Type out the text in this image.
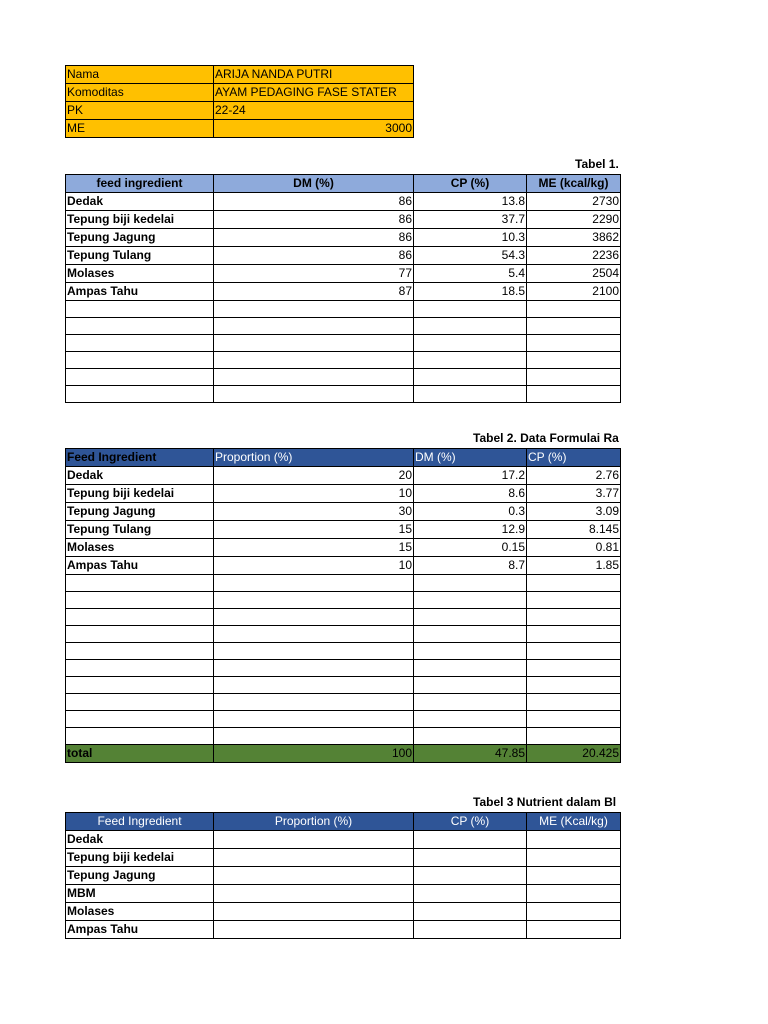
Nama	ARIJA NANDA PUTRI
Komoditas	AYAM PEDAGING FASE STATER
PK	22-24
ME	3000
Tabel 1.
feed ingredient	DM (%)	CP (%)	ME (kcal/kg)
Dedak	86	13.8	2730
Tepung biji kedelai	86	37.7	2290
Tepung Jagung	86	10.3	3862
Tepung Tulang	86	54.3	2236
Molases	77	5.4	2504
Ampas Tahu	87	18.5	2100

Tabel 2. Data Formulai Ra
Feed Ingredient	Proportion (%)	DM (%)	CP (%)
Dedak	20	17.2	2.76
Tepung biji kedelai	10	8.6	3.77
Tepung Jagung	30	0.3	3.09
Tepung Tulang	15	12.9	8.145
Molases	15	0.15	0.81
Ampas Tahu	10	8.7	1.85

total	100	47.85	20.425
Tabel 3 Nutrient dalam Bl
Feed Ingredient	Proportion (%)	CP (%)	ME (Kcal/kg)
Dedak			
Tepung biji kedelai			
Tepung Jagung			
MBM			
Molases			
Ampas Tahu			
